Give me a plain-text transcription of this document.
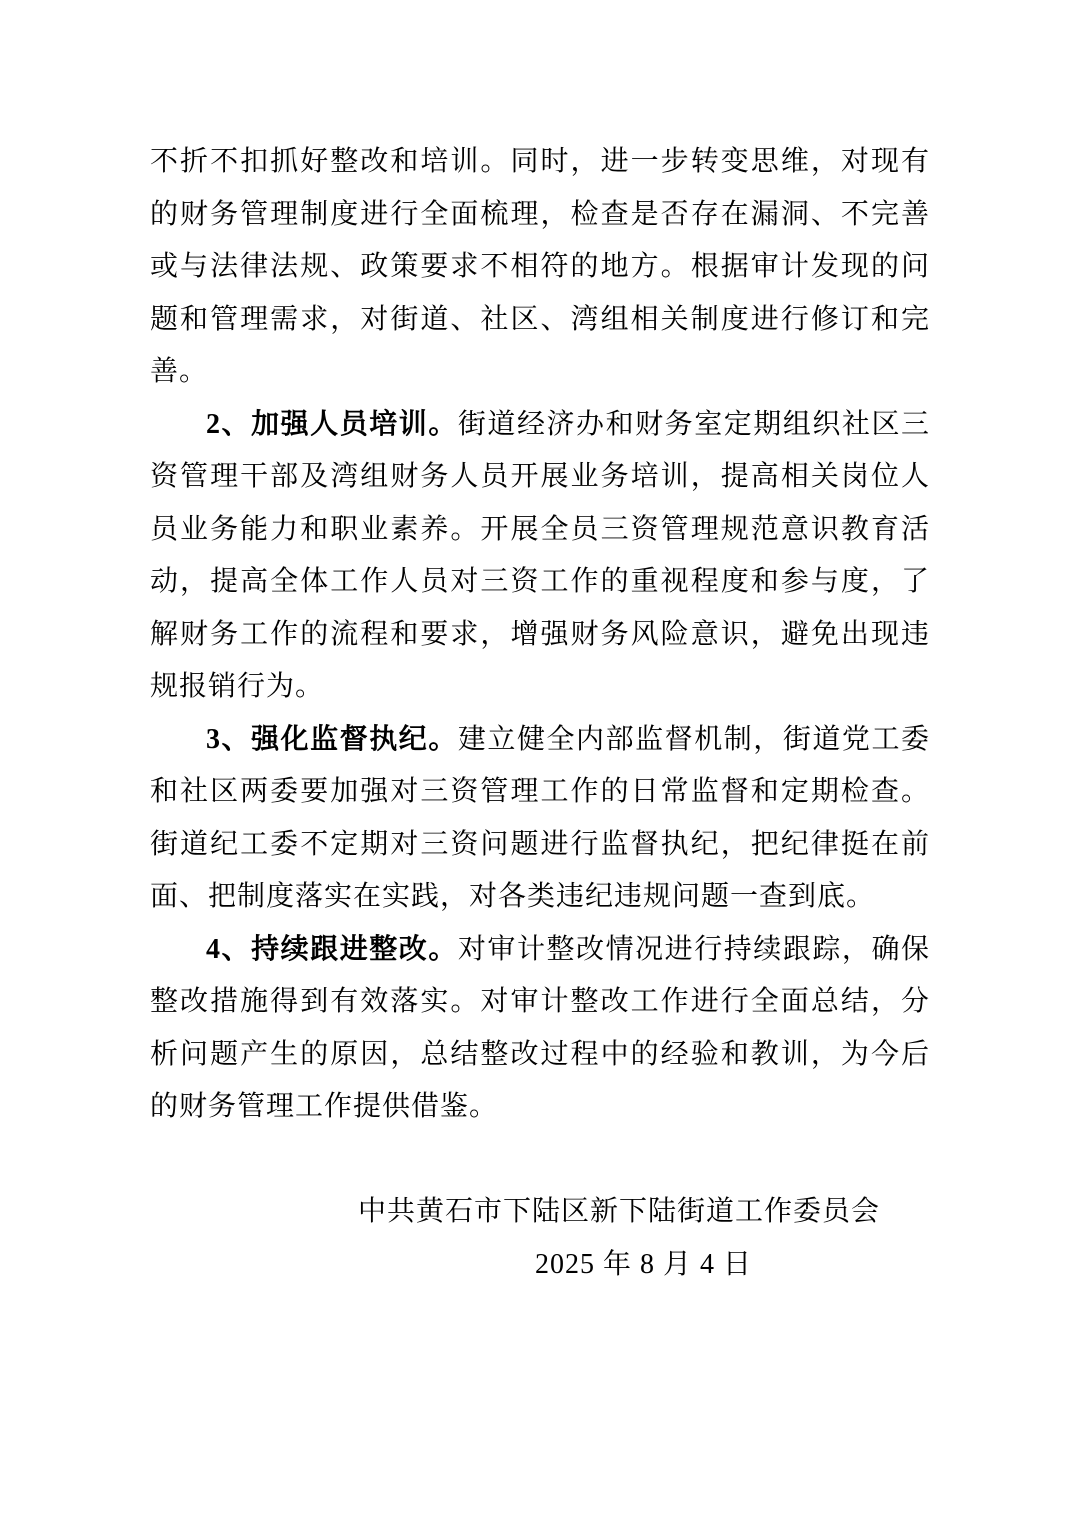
不折不扣抓好整改和培训。同时，进一步转变思维，对现有的财务管理制度进行全面梳理，检查是否存在漏洞、不完善或与法律法规、政策要求不相符的地方。根据审计发现的问题和管理需求，对街道、社区、湾组相关制度进行修订和完善。

2、加强人员培训。街道经济办和财务室定期组织社区三资管理干部及湾组财务人员开展业务培训，提高相关岗位人员业务能力和职业素养。开展全员三资管理规范意识教育活动，提高全体工作人员对三资工作的重视程度和参与度，了解财务工作的流程和要求，增强财务风险意识，避免出现违规报销行为。

3、强化监督执纪。建立健全内部监督机制，街道党工委和社区两委要加强对三资管理工作的日常监督和定期检查。街道纪工委不定期对三资问题进行监督执纪，把纪律挺在前面、把制度落实在实践，对各类违纪违规问题一查到底。

4、持续跟进整改。对审计整改情况进行持续跟踪，确保整改措施得到有效落实。对审计整改工作进行全面总结，分析问题产生的原因，总结整改过程中的经验和教训，为今后的财务管理工作提供借鉴。

中共黄石市下陆区新下陆街道工作委员会
2025 年 8 月 4 日
